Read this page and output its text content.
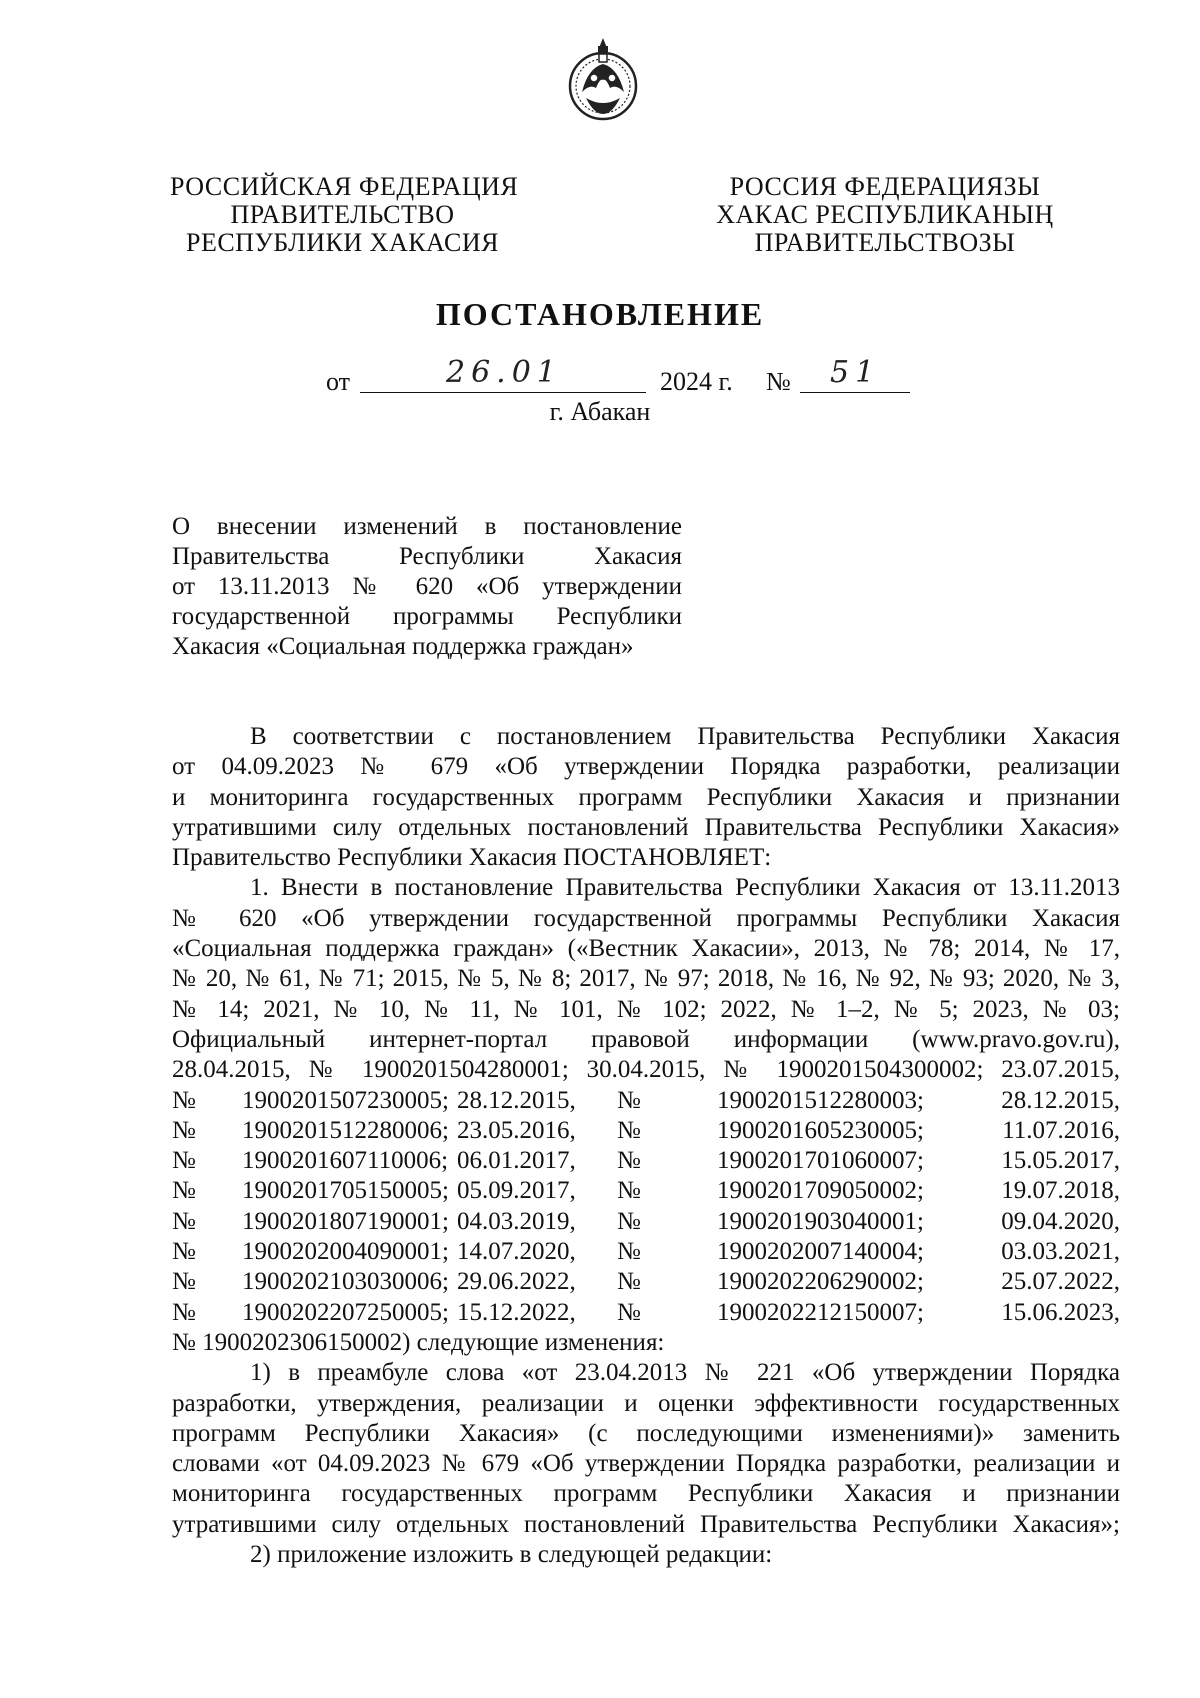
РОССИЙСКАЯ ФЕДЕРАЦИЯ
ПРАВИТЕЛЬСТВО
РЕСПУБЛИКИ ХАКАСИЯ
РОССИЯ ФЕДЕРАЦИЯЗЫ
ХАКАС РЕСПУБЛИКАНЫҢ
ПРАВИТЕЛЬСТВОЗЫ
ПОСТАНОВЛЕНИЕ
от	26.01	2024 г. № 51
г. Абакан
О внесении изменений в постановление
Правительства Республики Хакасия
от 13.11.2013 № 620 «Об утверждении
государственной программы Республики
Хакасия «Социальная поддержка граждан»
В соответствии с постановлением Правительства Республики Хакасия
от 04.09.2023 № 679 «Об утверждении Порядка разработки, реализации
и мониторинга государственных программ Республики Хакасия и признании
утратившими силу отдельных постановлений Правительства Республики Хакасия»
Правительство Республики Хакасия ПОСТАНОВЛЯЕТ:
1. Внести в постановление Правительства Республики Хакасия от 13.11.2013
№ 620 «Об утверждении государственной программы Республики Хакасия
«Социальная поддержка граждан» («Вестник Хакасии», 2013, № 78; 2014, № 17,
№ 20, № 61, № 71; 2015, № 5, № 8; 2017, № 97; 2018, № 16, № 92, № 93; 2020, № 3,
№ 14; 2021, № 10, № 11, № 101, № 102; 2022, № 1–2, № 5; 2023, № 03;
Официальный интернет-портал правовой информации (www.pravo.gov.ru),
28.04.2015, № 1900201504280001; 30.04.2015, № 1900201504300002; 23.07.2015,
№	1900201507230005; 28.12.2015,	№	1900201512280003;	28.12.2015,
№	1900201512280006; 23.05.2016,	№	1900201605230005;	11.07.2016,
№	1900201607110006; 06.01.2017,	№	1900201701060007;	15.05.2017,
№	1900201705150005; 05.09.2017,	№	1900201709050002;	19.07.2018,
№	1900201807190001; 04.03.2019,	№	1900201903040001;	09.04.2020,
№	1900202004090001; 14.07.2020,	№	1900202007140004;	03.03.2021,
№	1900202103030006; 29.06.2022,	№	1900202206290002;	25.07.2022,
№	1900202207250005; 15.12.2022,	№	1900202212150007;	15.06.2023,
№ 1900202306150002) следующие изменения:
1) в преамбуле слова «от 23.04.2013 № 221 «Об утверждении Порядка
разработки, утверждения, реализации и оценки эффективности государственных
программ Республики Хакасия» (с последующими изменениями)» заменить
словами «от 04.09.2023 № 679 «Об утверждении Порядка разработки, реализации и
мониторинга государственных программ Республики Хакасия и признании
утратившими силу отдельных постановлений Правительства Республики Хакасия»;
2) приложение изложить в следующей редакции:
